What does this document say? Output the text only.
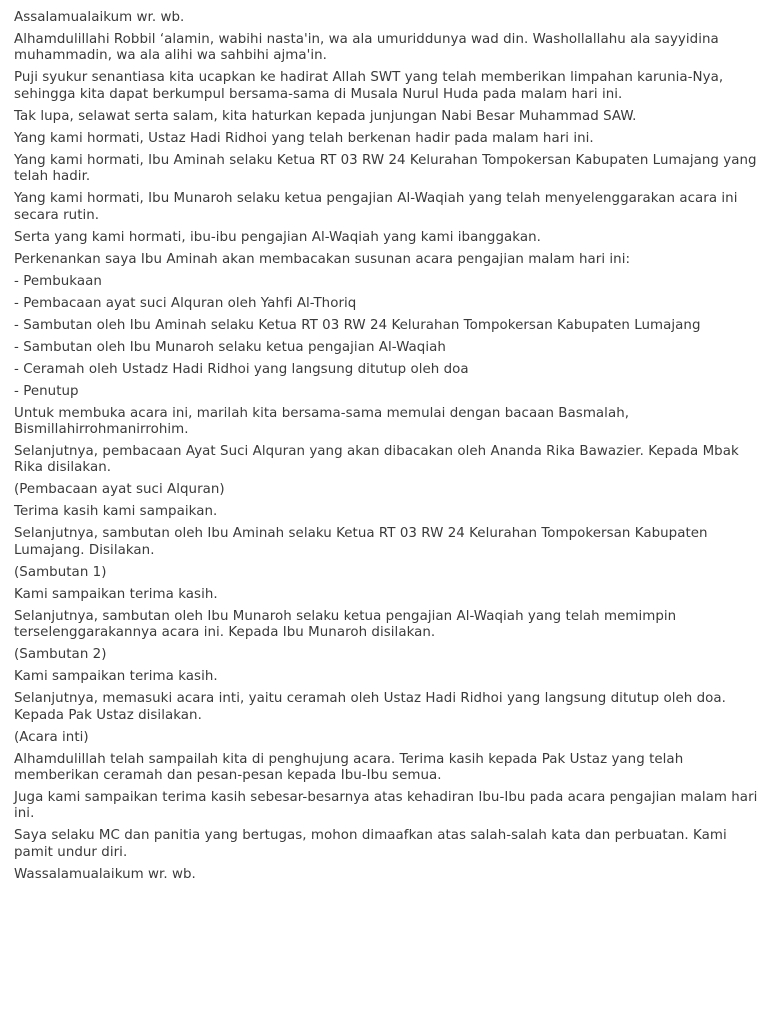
Assalamualaikum wr. wb.

Alhamdulillahi Robbil ‘alamin, wabihi nasta'in, wa ala umuriddunya wad din. Washollallahu ala sayyidina muhammadin, wa ala alihi wa sahbihi ajma'in.

Puji syukur senantiasa kita ucapkan ke hadirat Allah SWT yang telah memberikan limpahan karunia-Nya, sehingga kita dapat berkumpul bersama-sama di Musala Nurul Huda pada malam hari ini.

Tak lupa, selawat serta salam, kita haturkan kepada junjungan Nabi Besar Muhammad SAW.

Yang kami hormati, Ustaz Hadi Ridhoi yang telah berkenan hadir pada malam hari ini.

Yang kami hormati, Ibu Aminah selaku Ketua RT 03 RW 24 Kelurahan Tompokersan Kabupaten Lumajang yang telah hadir.

Yang kami hormati, Ibu Munaroh selaku ketua pengajian Al-Waqiah yang telah menyelenggarakan acara ini secara rutin.

Serta yang kami hormati, ibu-ibu pengajian Al-Waqiah yang kami ibanggakan.

Perkenankan saya Ibu Aminah akan membacakan susunan acara pengajian malam hari ini:

- Pembukaan

- Pembacaan ayat suci Alquran oleh Yahfi Al-Thoriq

- Sambutan oleh Ibu Aminah selaku Ketua RT 03 RW 24 Kelurahan Tompokersan Kabupaten Lumajang

- Sambutan oleh Ibu Munaroh selaku ketua pengajian Al-Waqiah

- Ceramah oleh Ustadz Hadi Ridhoi yang langsung ditutup oleh doa

- Penutup

Untuk membuka acara ini, marilah kita bersama-sama memulai dengan bacaan Basmalah, Bismillahirrohmanirrohim.

Selanjutnya, pembacaan Ayat Suci Alquran yang akan dibacakan oleh Ananda Rika Bawazier. Kepada Mbak Rika disilakan.

(Pembacaan ayat suci Alquran)

Terima kasih kami sampaikan.

Selanjutnya, sambutan oleh Ibu Aminah selaku Ketua RT 03 RW 24 Kelurahan Tompokersan Kabupaten Lumajang. Disilakan.

(Sambutan 1)

Kami sampaikan terima kasih.

Selanjutnya, sambutan oleh Ibu Munaroh selaku ketua pengajian Al-Waqiah yang telah memimpin terselenggarakannya acara ini. Kepada Ibu Munaroh disilakan.

(Sambutan 2)

Kami sampaikan terima kasih.

Selanjutnya, memasuki acara inti, yaitu ceramah oleh Ustaz Hadi Ridhoi yang langsung ditutup oleh doa. Kepada Pak Ustaz disilakan.

(Acara inti)

Alhamdulillah telah sampailah kita di penghujung acara. Terima kasih kepada Pak Ustaz yang telah memberikan ceramah dan pesan-pesan kepada Ibu-Ibu semua.

Juga kami sampaikan terima kasih sebesar-besarnya atas kehadiran Ibu-Ibu pada acara pengajian malam hari ini.

Saya selaku MC dan panitia yang bertugas, mohon dimaafkan atas salah-salah kata dan perbuatan. Kami pamit undur diri.

Wassalamualaikum wr. wb.
